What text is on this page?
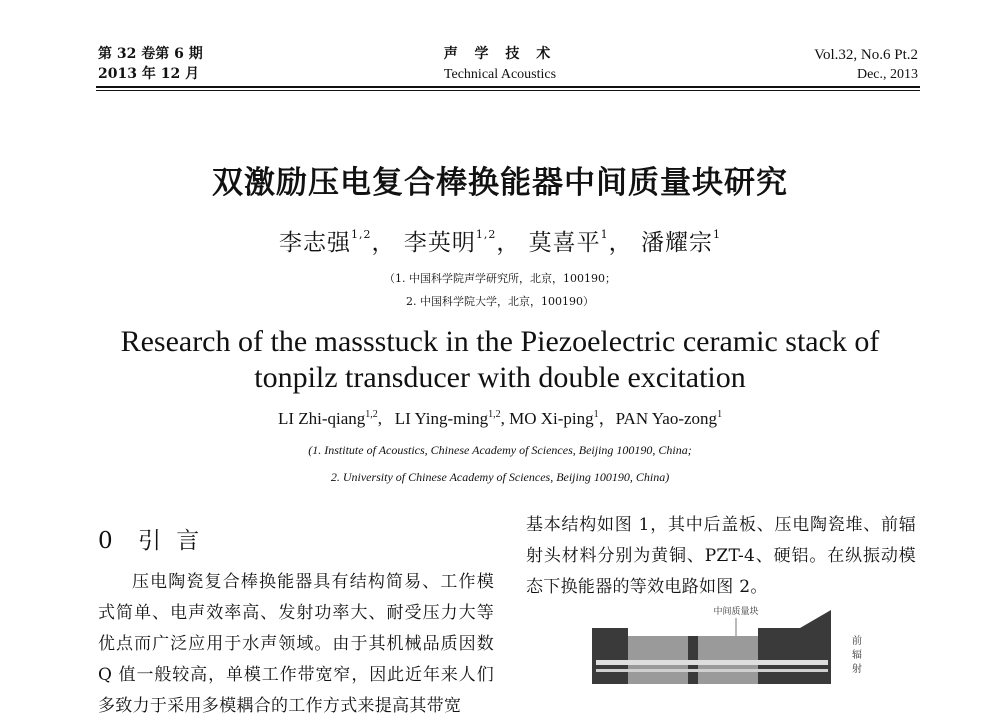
第 32 卷第 6 期
2013 年 12 月
声 学 技 术
Technical Acoustics
Vol.32, No.6 Pt.2
Dec., 2013
双激励压电复合棒换能器中间质量块研究
李志强$^{1,2}$， 李英明$^{1,2}$， 莫喜平$^1$， 潘耀宗$^1$
（1. 中国科学院声学研究所，北京，100190；
2. 中国科学院大学，北京，100190）
Research of the massstuck in the Piezoelectric ceramic stack of
tonpilz transducer with double excitation
LI Zhi-qiang$^{1,2}$,   LI Ying-ming$^{1,2}$, MO Xi-ping$^1$，PAN Yao-zong$^1$
(1. Institute of Acoustics, Chinese Academy of Sciences, Beijing 100190, China;
2. University of Chinese Academy of Sciences, Beijing 100190, China)
0 引 言
压电陶瓷复合棒换能器具有结构简易、工作模式简单、电声效率高、发射功率大、耐受压力大等优点而广泛应用于水声领域。由于其机械品质因数 Q 值一般较高，单模工作带宽窄，因此近年来人们多致力于采用多模耦合的工作方式来提高其带宽
基本结构如图 1，其中后盖板、压电陶瓷堆、前辐射头材料分别为黄铜、PZT-4、硬铝。在纵振动模态下换能器的等效电路如图 2。
中间质量块
前 辐 射
